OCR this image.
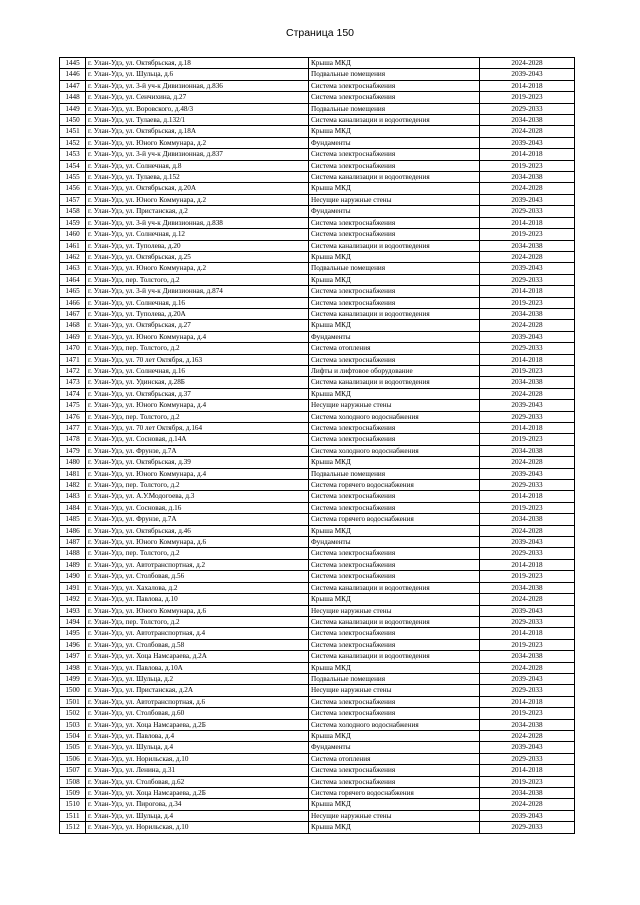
Страница 150
1445	г. Улан-Удэ, ул. Октябрьская, д.18	Крыша МКД	2024-2028
1446	г. Улан-Удэ, ул. Шульца, д.6	Подвальные помещения	2039-2043
1447	г. Улан-Удэ, ул. 3-й уч-к Дивизионная, д.836	Система электроснабжения	2014-2018
1448	г. Улан-Удэ, ул. Сенчихина, д.27	Система электроснабжения	2019-2023
1449	г. Улан-Удэ, ул. Воровского, д.48/3	Подвальные помещения	2029-2033
1450	г. Улан-Удэ, ул. Тулаева, д.132/1	Система канализации и водоотведения	2034-2038
1451	г. Улан-Удэ, ул. Октябрьская, д.18А	Крыша МКД	2024-2028
1452	г. Улан-Удэ, ул. Юного Коммунара, д.2	Фундаменты	2039-2043
1453	г. Улан-Удэ, ул. 3-й уч-к Дивизионная, д.837	Система электроснабжения	2014-2018
1454	г. Улан-Удэ, ул. Солнечная, д.8	Система электроснабжения	2019-2023
1455	г. Улан-Удэ, ул. Тулаева, д.152	Система канализации и водоотведения	2034-2038
1456	г. Улан-Удэ, ул. Октябрьская, д.20А	Крыша МКД	2024-2028
1457	г. Улан-Удэ, ул. Юного Коммунара, д.2	Несущие наружные стены	2039-2043
1458	г. Улан-Удэ, ул. Пристанская, д.2	Фундаменты	2029-2033
1459	г. Улан-Удэ, ул. 3-й уч-к Дивизионная, д.838	Система электроснабжения	2014-2018
1460	г. Улан-Удэ, ул. Солнечная, д.12	Система электроснабжения	2019-2023
1461	г. Улан-Удэ, ул. Туполева, д.20	Система канализации и водоотведения	2034-2038
1462	г. Улан-Удэ, ул. Октябрьская, д.25	Крыша МКД	2024-2028
1463	г. Улан-Удэ, ул. Юного Коммунара, д.2	Подвальные помещения	2039-2043
1464	г. Улан-Удэ, пер. Толстого, д.2	Крыша МКД	2029-2033
1465	г. Улан-Удэ, ул. 3-й уч-к Дивизионная, д.874	Система электроснабжения	2014-2018
1466	г. Улан-Удэ, ул. Солнечная, д.16	Система электроснабжения	2019-2023
1467	г. Улан-Удэ, ул. Туполева, д.20А	Система канализации и водоотведения	2034-2038
1468	г. Улан-Удэ, ул. Октябрьская, д.27	Крыша МКД	2024-2028
1469	г. Улан-Удэ, ул. Юного Коммунара, д.4	Фундаменты	2039-2043
1470	г. Улан-Удэ, пер. Толстого, д.2	Система отопления	2029-2033
1471	г. Улан-Удэ, ул. 70 лет Октября, д.163	Система электроснабжения	2014-2018
1472	г. Улан-Удэ, ул. Солнечная, д.16	Лифты и лифтовое оборудование	2019-2023
1473	г. Улан-Удэ, ул. Удинская, д.28Б	Система канализации и водоотведения	2034-2038
1474	г. Улан-Удэ, ул. Октябрьская, д.37	Крыша МКД	2024-2028
1475	г. Улан-Удэ, ул. Юного Коммунара, д.4	Несущие наружные стены	2039-2043
1476	г. Улан-Удэ, пер. Толстого, д.2	Система холодного водоснабжения	2029-2033
1477	г. Улан-Удэ, ул. 70 лет Октября, д.164	Система электроснабжения	2014-2018
1478	г. Улан-Удэ, ул. Сосновая, д.14А	Система электроснабжения	2019-2023
1479	г. Улан-Удэ, ул. Фрунзе, д.7А	Система холодного водоснабжения	2034-2038
1480	г. Улан-Удэ, ул. Октябрьская, д.39	Крыша МКД	2024-2028
1481	г. Улан-Удэ, ул. Юного Коммунара, д.4	Подвальные помещения	2039-2043
1482	г. Улан-Удэ, пер. Толстого, д.2	Система горячего водоснабжения	2029-2033
1483	г. Улан-Удэ, ул. А.У.Модогоева, д.3	Система электроснабжения	2014-2018
1484	г. Улан-Удэ, ул. Сосновая, д.16	Система электроснабжения	2019-2023
1485	г. Улан-Удэ, ул. Фрунзе, д.7А	Система горячего водоснабжения	2034-2038
1486	г. Улан-Удэ, ул. Октябрьская, д.46	Крыша МКД	2024-2028
1487	г. Улан-Удэ, ул. Юного Коммунара, д.6	Фундаменты	2039-2043
1488	г. Улан-Удэ, пер. Толстого, д.2	Система электроснабжения	2029-2033
1489	г. Улан-Удэ, ул. Автотранспортная, д.2	Система электроснабжения	2014-2018
1490	г. Улан-Удэ, ул. Столбовая, д.56	Система электроснабжения	2019-2023
1491	г. Улан-Удэ, ул. Хахалова, д.2	Система канализации и водоотведения	2034-2038
1492	г. Улан-Удэ, ул. Павлова, д.10	Крыша МКД	2024-2028
1493	г. Улан-Удэ, ул. Юного Коммунара, д.6	Несущие наружные стены	2039-2043
1494	г. Улан-Удэ, пер. Толстого, д.2	Система канализации и водоотведения	2029-2033
1495	г. Улан-Удэ, ул. Автотранспортная, д.4	Система электроснабжения	2014-2018
1496	г. Улан-Удэ, ул. Столбовая, д.58	Система электроснабжения	2019-2023
1497	г. Улан-Удэ, ул. Хоца Намсараева, д.2А	Система канализации и водоотведения	2034-2038
1498	г. Улан-Удэ, ул. Павлова, д.10А	Крыша МКД	2024-2028
1499	г. Улан-Удэ, ул. Шульца, д.2	Подвальные помещения	2039-2043
1500	г. Улан-Удэ, ул. Пристанская, д.2А	Несущие наружные стены	2029-2033
1501	г. Улан-Удэ, ул. Автотранспортная, д.6	Система электроснабжения	2014-2018
1502	г. Улан-Удэ, ул. Столбовая, д.60	Система электроснабжения	2019-2023
1503	г. Улан-Удэ, ул. Хоца Намсараева, д.2Б	Система холодного водоснабжения	2034-2038
1504	г. Улан-Удэ, ул. Павлова, д.4	Крыша МКД	2024-2028
1505	г. Улан-Удэ, ул. Шульца, д.4	Фундаменты	2039-2043
1506	г. Улан-Удэ, ул. Норильская, д.10	Система отопления	2029-2033
1507	г. Улан-Удэ, ул. Ленина, д.31	Система электроснабжения	2014-2018
1508	г. Улан-Удэ, ул. Столбовая, д.62	Система электроснабжения	2019-2023
1509	г. Улан-Удэ, ул. Хоца Намсараева, д.2Б	Система горячего водоснабжения	2034-2038
1510	г. Улан-Удэ, ул. Пирогова, д.34	Крыша МКД	2024-2028
1511	г. Улан-Удэ, ул. Шульца, д.4	Несущие наружные стены	2039-2043
1512	г. Улан-Удэ, ул. Норильская, д.10	Крыша МКД	2029-2033
